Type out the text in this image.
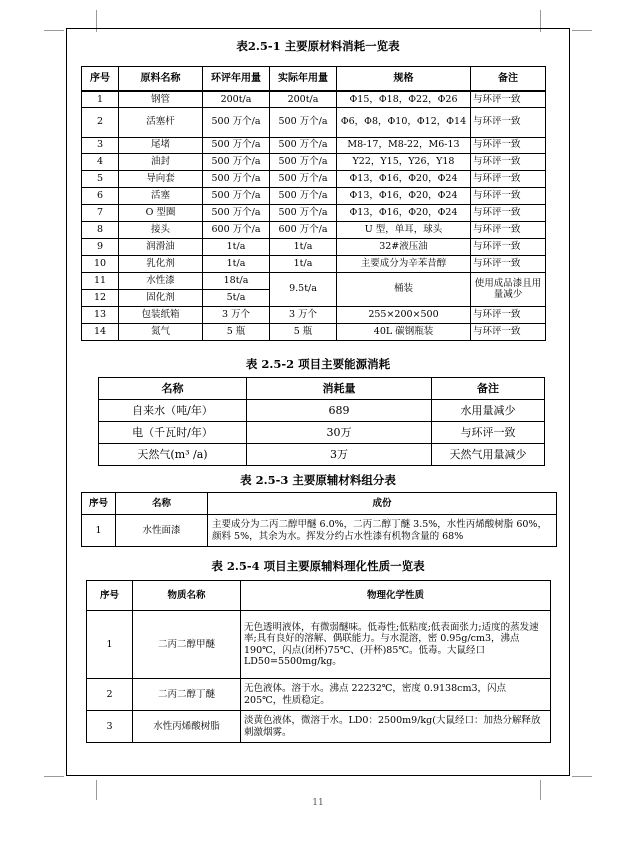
表2.5-1 主要原材料消耗一览表
序号	原料名称	环评年用量	实际年用量	规格	备注
1	钢管	200t/a	200t/a	Φ15，Φ18，Φ22，Φ26	与环评一致
2	活塞杆	500 万个/a	500 万个/a	Φ6，Φ8，Φ10，Φ12，Φ14	与环评一致
3	尾堵	500 万个/a	500 万个/a	M8-17，M8-22，M6-13	与环评一致
4	油封	500 万个/a	500 万个/a	Y22，Y15，Y26，Y18	与环评一致
5	导向套	500 万个/a	500 万个/a	Φ13，Φ16，Φ20，Φ24	与环评一致
6	活塞	500 万个/a	500 万个/a	Φ13，Φ16，Φ20，Φ24	与环评一致
7	O 型圈	500 万个/a	500 万个/a	Φ13，Φ16，Φ20，Φ24	与环评一致
8	接头	600 万个/a	600 万个/a	U 型，单耳，球头	与环评一致
9	润滑油	1t/a	1t/a	32#液压油	与环评一致
10	乳化剂	1t/a	1t/a	主要成分为辛苯昔醇	与环评一致
11	水性漆	18t/a	9.5t/a	桶装	使用成品漆且用量减少
12	固化剂	5t/a			
13	包装纸箱	3 万个	3 万个	255×200×500	与环评一致
14	氮气	5 瓶	5 瓶	40L 碳钢瓶装	与环评一致
表 2.5-2 项目主要能源消耗
名称	消耗量	备注
自来水（吨/年）	689	水用量减少
电（千瓦时/年）	30万	与环评一致
天然气(m³ /a)	3万	天然气用量减少
表 2.5-3 主要原辅材料组分表
序号	名称	成份
1	水性面漆	主要成分为二丙二醇甲醚 6.0%，二丙二醇丁醚 3.5%，水性丙烯酸树脂 60%，颜料 5%，其余为水。挥发分约占水性漆有机物含量的 68%
表 2.5-4 项目主要原辅料理化性质一览表
序号	物质名称	物理化学性质
1	二丙二醇甲醚	无色透明液体，有微弱醚味。低毒性;低粘度;低表面张力;适度的蒸发速率;具有良好的溶解、偶联能力。与水混溶，密 0.95g/cm3，沸点 190℃，闪点(闭杯)75℃、(开杯)85℃。低毒。大鼠经口 LD50=5500mg/kg。
2	二丙二醇丁醚	无色液体。溶于水。沸点 22232℃，密度 0.9138cm3，闪点 205℃，性质稳定。
3	水性丙烯酸树脂	淡黄色液体，微溶于水。LD0：2500m9/kg(大鼠经口：加热分解释放刺激烟雾。
11
